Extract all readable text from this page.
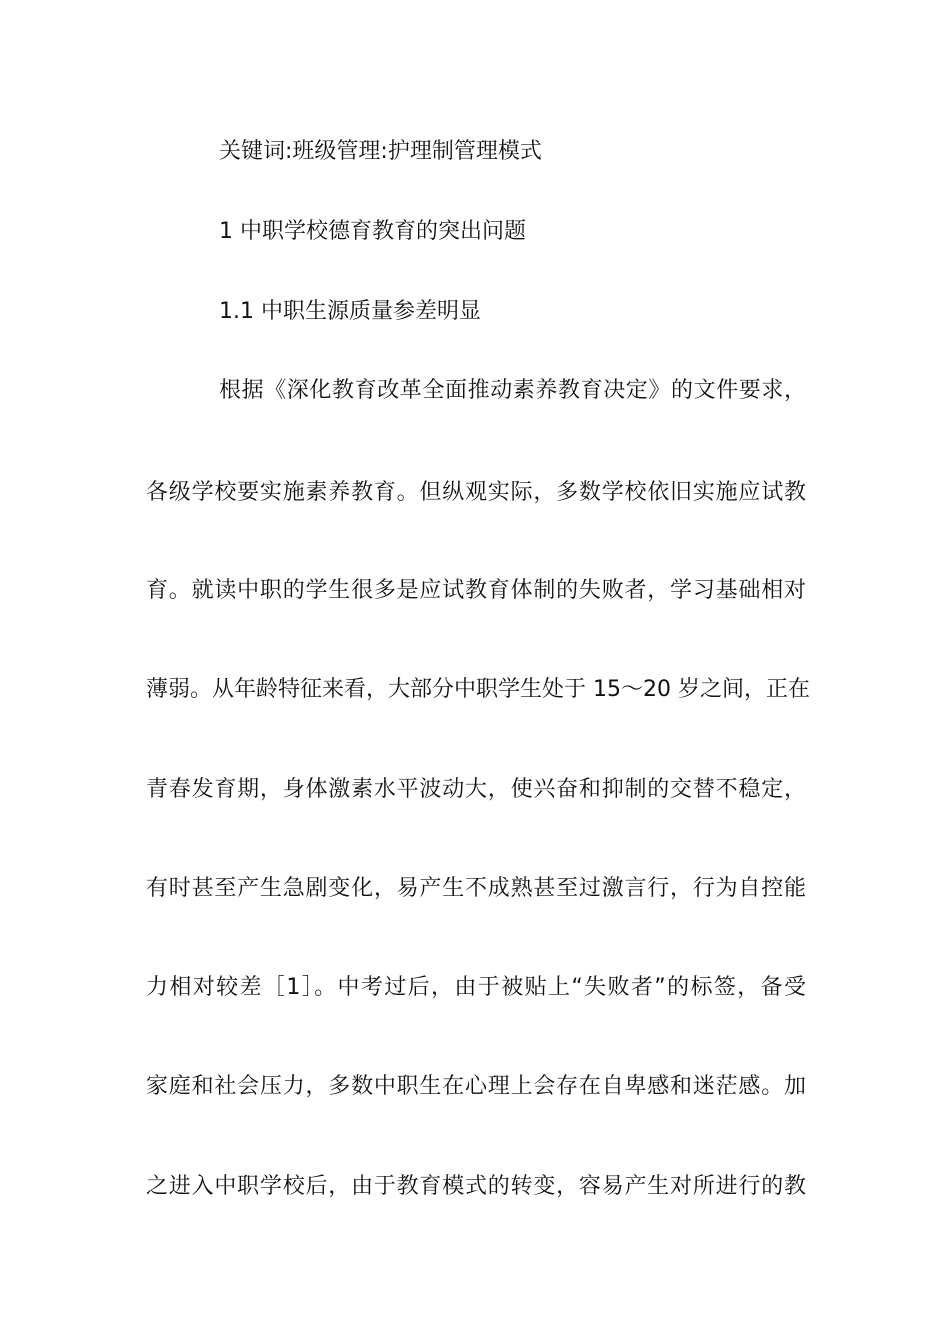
关键词:班级管理:护理制管理模式
1 中职学校德育教育的突出问题
1.1 中职生源质量参差明显
根据《深化教育改革全面推动素养教育决定》的文件要求，
各级学校要实施素养教育。但纵观实际，多数学校依旧实施应试教
育。就读中职的学生很多是应试教育体制的失败者，学习基础相对
薄弱。从年龄特征来看，大部分中职学生处于 15～20 岁之间，正在
青春发育期，身体激素水平波动大，使兴奋和抑制的交替不稳定，
有时甚至产生急剧变化，易产生不成熟甚至过激言行，行为自控能
力相对较差［1］。中考过后，由于被贴上“失败者”的标签，备受
家庭和社会压力，多数中职生在心理上会存在自卑感和迷茫感。加
之进入中职学校后，由于教育模式的转变，容易产生对所进行的教
